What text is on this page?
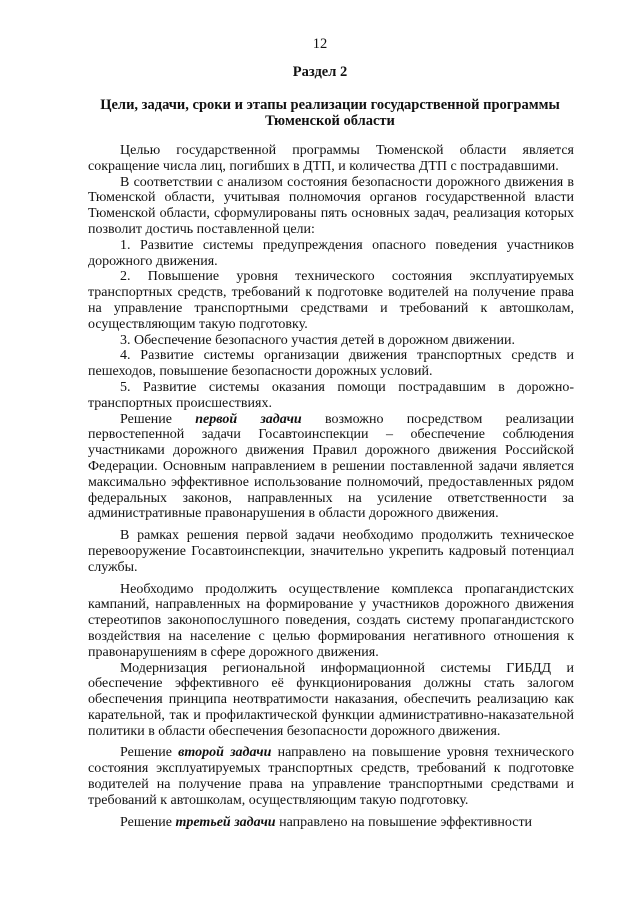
12
Раздел 2
Цели, задачи, сроки и этапы реализации государственной программы Тюменской области

Целью государственной программы Тюменской области является сокращение числа лиц, погибших в ДТП, и количества ДТП с пострадавшими.

В соответствии с анализом состояния безопасности дорожного движения в Тюменской области, учитывая полномочия органов государственной власти Тюменской области, сформулированы пять основных задач, реализация которых позволит достичь поставленной цели:

1. Развитие системы предупреждения опасного поведения участников дорожного движения.

2. Повышение уровня технического состояния эксплуатируемых транспортных средств, требований к подготовке водителей на получение права на управление транспортными средствами и требований к автошколам, осуществляющим такую подготовку.

3. Обеспечение безопасного участия детей в дорожном движении.

4. Развитие системы организации движения транспортных средств и пешеходов, повышение безопасности дорожных условий.

5. Развитие системы оказания помощи пострадавшим в дорожно-транспортных происшествиях.

Решение первой задачи возможно посредством реализации первостепенной задачи Госавтоинспекции – обеспечение соблюдения участниками дорожного движения Правил дорожного движения Российской Федерации. Основным направлением в решении поставленной задачи является максимально эффективное использование полномочий, предоставленных рядом федеральных законов, направленных на усиление ответственности за административные правонарушения в области дорожного движения.

В рамках решения первой задачи необходимо продолжить техническое перевооружение Госавтоинспекции, значительно укрепить кадровый потенциал службы.

Необходимо продолжить осуществление комплекса пропагандистских кампаний, направленных на формирование у участников дорожного движения стереотипов законопослушного поведения, создать систему пропагандистского воздействия на население с целью формирования негативного отношения к правонарушениям в сфере дорожного движения.

Модернизация региональной информационной системы ГИБДД и обеспечение эффективного её функционирования должны стать залогом обеспечения принципа неотвратимости наказания, обеспечить реализацию как карательной, так и профилактической функции административно-наказательной политики в области обеспечения безопасности дорожного движения.

Решение второй задачи направлено на повышение уровня технического состояния эксплуатируемых транспортных средств, требований к подготовке водителей на получение права на управление транспортными средствами и требований к автошколам, осуществляющим такую подготовку.

Решение третьей задачи направлено на повышение эффективности
